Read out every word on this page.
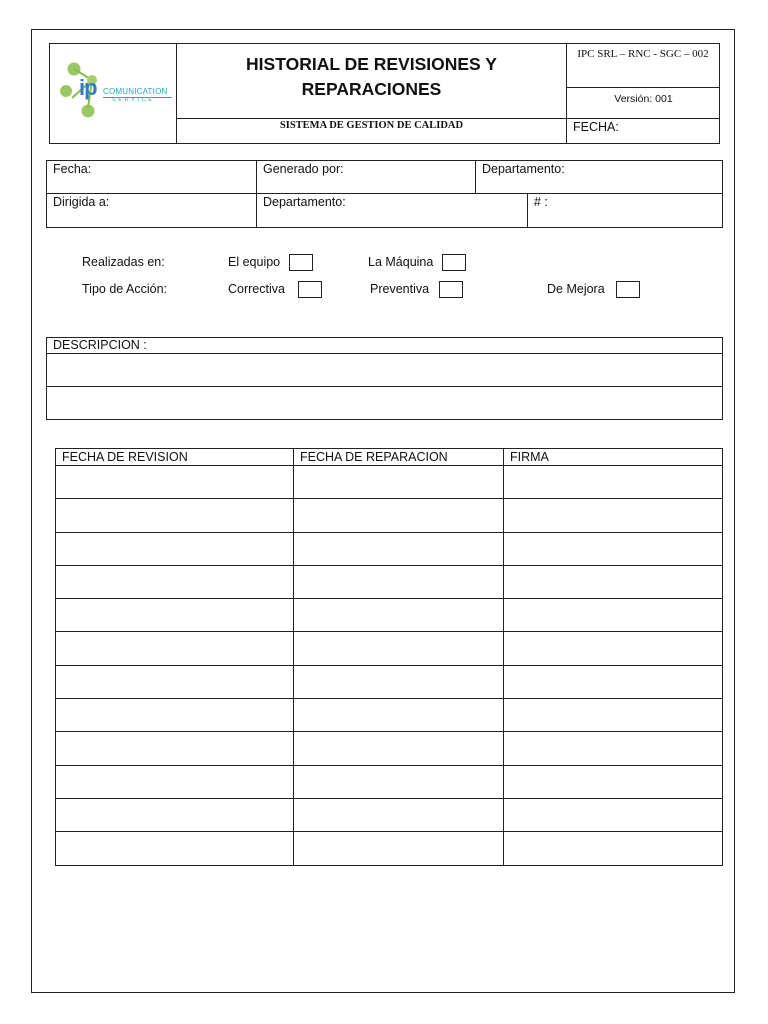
ip COMUNICATION
SERVICE
HISTORIAL DE REVISIONES Y
REPARACIONES
IPC SRL – RNC - SGC – 002
Versión: 001
SISTEMA DE GESTION DE CALIDAD	FECHA:
Fecha:	Generado por:	Departamento:
Dirigida a:	Departamento:	# :
Realizadas en:	El equipo	La Máquina
Tipo de Acción:	Correctiva	Preventiva	De Mejora
DESCRIPCION :
FECHA DE REVISION	FECHA DE REPARACION	FIRMA
